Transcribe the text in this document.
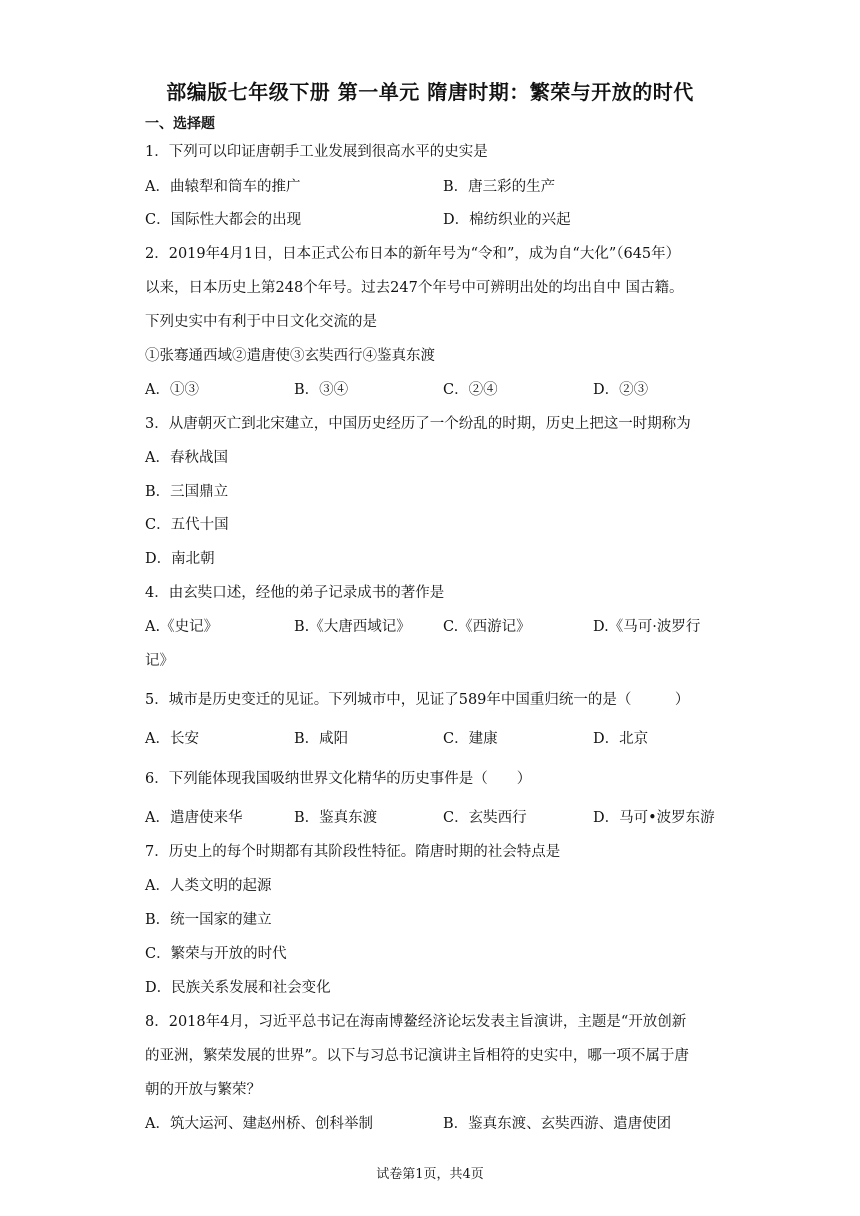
部编版七年级下册 第一单元 隋唐时期：繁荣与开放的时代
一、选择题
1．下列可以印证唐朝手工业发展到很高水平的史实是
A．曲辕犁和筒车的推广	B．唐三彩的生产
C．国际性大都会的出现	D．棉纺织业的兴起
2．2019年4月1日，日本正式公布日本的新年号为“令和”，成为自“大化”（645年）
以来，日本历史上第248个年号。过去247个年号中可辨明出处的均出自中 国古籍。
下列史实中有利于中日文化交流的是
①张骞通西域②遣唐使③玄奘西行④鉴真东渡
A．①③	B．③④	C．②④	D．②③
3．从唐朝灭亡到北宋建立，中国历史经历了一个纷乱的时期，历史上把这一时期称为
A．春秋战国
B．三国鼎立
C．五代十国
D．南北朝
4．由玄奘口述，经他的弟子记录成书的著作是
A.《史记》	B.《大唐西域记》 C.《西游记》	D.《马可·波罗行
记》
5．城市是历史变迁的见证。下列城市中，见证了589年中国重归统一的是（　　　）
A．长安	B．咸阳	C．建康	D．北京
6．下列能体现我国吸纳世界文化精华的历史事件是（　　）
A．遣唐使来华	B．鉴真东渡	C．玄奘西行	D．马可•波罗东游
7．历史上的每个时期都有其阶段性特征。隋唐时期的社会特点是
A．人类文明的起源
B．统一国家的建立
C．繁荣与开放的时代
D．民族关系发展和社会变化
8．2018年4月，习近平总书记在海南博鳌经济论坛发表主旨演讲，主题是“开放创新
的亚洲，繁荣发展的世界”。以下与习总书记演讲主旨相符的史实中，哪一项不属于唐
朝的开放与繁荣？
A．筑大运河、建赵州桥、创科举制	B．鉴真东渡、玄奘西游、遣唐使团
试卷第1页，共4页
